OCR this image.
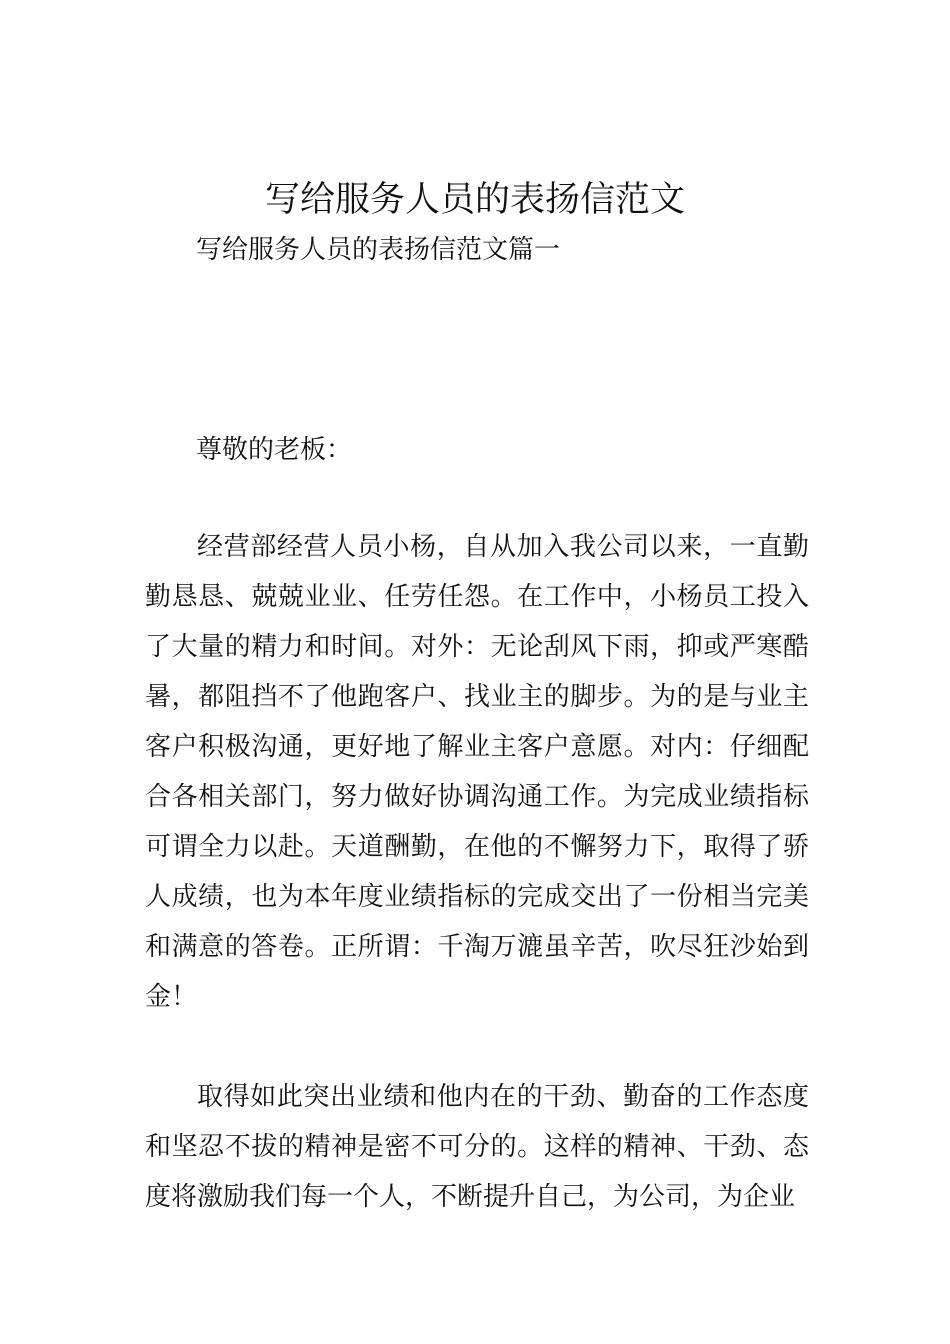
写给服务人员的表扬信范文

写给服务人员的表扬信范文篇一

尊敬的老板：

经营部经营人员小杨，自从加入我公司以来，一直勤勤恳恳、兢兢业业、任劳任怨。在工作中，小杨员工投入了大量的精力和时间。对外：无论刮风下雨，抑或严寒酷暑，都阻挡不了他跑客户、找业主的脚步。为的是与业主客户积极沟通，更好地了解业主客户意愿。对内：仔细配合各相关部门，努力做好协调沟通工作。为完成业绩指标可谓全力以赴。天道酬勤，在他的不懈努力下，取得了骄人成绩，也为本年度业绩指标的完成交出了一份相当完美和满意的答卷。正所谓：千淘万漉虽辛苦，吹尽狂沙始到金！

取得如此突出业绩和他内在的干劲、勤奋的工作态度和坚忍不拔的精神是密不可分的。这样的精神、干劲、态度将激励我们每一个人，不断提升自己，为公司，为企业
